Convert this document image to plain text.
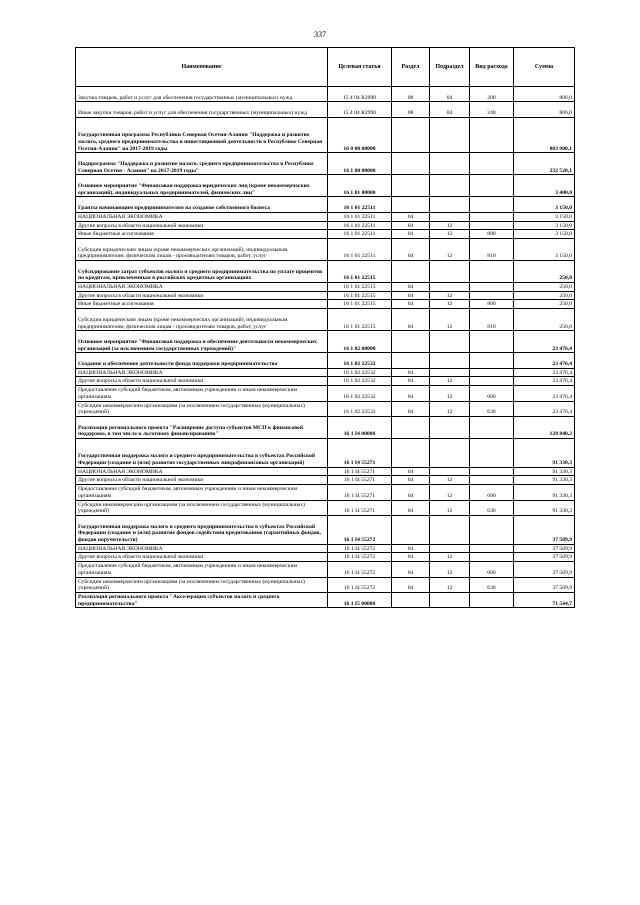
337
Наименование	Целевая статья	Раздел	Подраздел	Вид расхода	Сумма
Закупка товаров, работ и услуг для обеспечения государственных (муниципальных) нужд	15 4 04 R2990	08	04	200	806,0
Иные закупки товаров, работ и услуг для обеспечения государственных (муниципальных) нужд	15 4 04 R2990	08	04	240	806,0
Государственная программа Республики Северная Осетия-Алания "Поддержка и развитие малого, среднего предпринимательства и инвестиционной деятельности в Республике Северная Осетия-Алания" на 2017-2019 годы	16 0 00 00000				803 900,1
Подпрограмма "Поддержка и развитие малого, среднего предпринимательства в Республике Северная Осетия - Алания" на 2017-2019 годы"	16 1 00 00000				232 520,1
Основное мероприятие "Финансовая поддержка юридических лиц (кроме некоммерческих организаций), индивидуальных предпринимателей, физических лиц"	16 1 01 00000				3 400,0
Гранты начинающим предпринимателям на создание собственного бизнеса	16 1 01 22511				3 150,0
НАЦИОНАЛЬНАЯ ЭКОНОМИКА	16 1 01 22511	04			3 150,0
Другие вопросы в области национальной экономики	16 1 01 22511	04	12		3 150,0
Иные бюджетные ассигнования	16 1 01 22511	04	12	800	3 150,0
Субсидии юридическим лицам (кроме некоммерческих организаций), индивидуальным предпринимателям, физическим лицам - производителям товаров, работ, услуг	16 1 01 22511	04	12	810	3 150,0
Субсидирование затрат субъектов малого и среднего предпринимательства по уплате процентов по кредитам, привлеченным в российских кредитных организациях	16 1 01 22515				250,0
НАЦИОНАЛЬНАЯ ЭКОНОМИКА	16 1 01 22515	04			250,0
Другие вопросы в области национальной экономики	16 1 01 22515	04	12		250,0
Иные бюджетные ассигнования	16 1 01 22515	04	12	800	250,0
Субсидии юридическим лицам (кроме некоммерческих организаций), индивидуальным предпринимателям, физическим лицам - производителям товаров, работ, услуг	16 1 01 22515	04	12	810	250,0
Основное мероприятие "Финансовая поддержка и обеспечение деятельности некоммерческих организаций (за исключением государственных учреждений)"	16 1 02 00000				23 476,4
Создание и обеспечение деятельности фонда поддержки предпринимательства	16 1 02 22532				23 476,4
НАЦИОНАЛЬНАЯ ЭКОНОМИКА	16 1 02 22532	04			23 476,4
Другие вопросы в области национальной экономики	16 1 02 22532	04	12		23 476,4
Предоставление субсидий бюджетным, автономным учреждениям и иным некоммерческим организациям	16 1 02 22532	04	12	600	23 476,4
Субсидии некоммерческим организациям (за исключением государственных (муниципальных) учреждений)	16 1 02 22532	04	12	630	23 476,4
Реализация регионального проекта "Расширение доступа субъектов МСП к финансовой поддержке, в том числе к льготному финансированию"	16 1 I4 00000				128 840,2
Государственная поддержка малого и среднего предпринимательства в субъектах Российской Федерации (создание и (или) развитие государственных микрофинансовых организаций)	16 1 I4 55271				91 330,3
НАЦИОНАЛЬНАЯ ЭКОНОМИКА	16 1 I4 55271	04			91 330,3
Другие вопросы в области национальной экономики	16 1 I4 55271	04	12		91 330,3
Предоставление субсидий бюджетным, автономным учреждениям и иным некоммерческим организациям	16 1 I4 55271	04	12	600	91 330,3
Субсидии некоммерческим организациям (за исключением государственных (муниципальных) учреждений)	16 1 I4 55271	04	12	630	91 330,3
Государственная поддержка малого и среднего предпринимательства в субъектах Российской Федерации (создание и (или) развитие фондов содействия кредитованию (гарантийных фондов, фондов поручительств)	16 1 I4 55272				37 509,9
НАЦИОНАЛЬНАЯ ЭКОНОМИКА	16 1 I4 55272	04			37 509,9
Другие вопросы в области национальной экономики	16 1 I4 55272	04	12		37 509,9
Предоставление субсидий бюджетным, автономным учреждениям и иным некоммерческим организациям	16 1 I4 55272	04	12	600	37 509,9
Субсидии некоммерческим организациям (за исключением государственных (муниципальных) учреждений)	16 1 I4 55272	04	12	630	37 509,9
Реализация регионального проекта "Акселерация субъектов малого и среднего предпринимательства"	16 1 I5 00000				71 544,7
